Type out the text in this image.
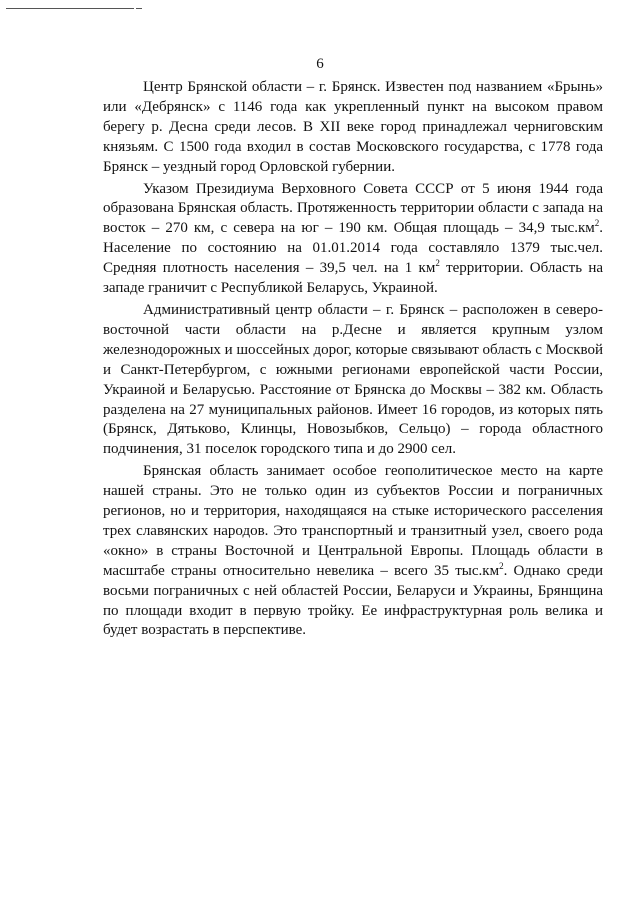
6

Центр Брянской области – г. Брянск. Известен под названием «Брынь» или «Дебрянск» с 1146 года как укрепленный пункт на высоком правом берегу р. Десна среди лесов. В XII веке город принадлежал черниговским князьям. С 1500 года входил в состав Московского государства, с 1778 года Брянск – уездный город Орловской губернии.

Указом Президиума Верховного Совета СССР от 5 июня 1944 года образована Брянская область. Протяженность территории области с запада на восток – 270 км, с севера на юг – 190 км. Общая площадь – 34,9 $тыс.км^2$. Население по состоянию на 01.01.2014 года составляло 1379 тыс.чел. Средняя плотность населения – 39,5 чел. на 1 $км^2$ территории. Область на западе граничит с Республикой Беларусь, Украиной.

Административный центр области – г. Брянск – расположен в северо-восточной части области на р.Десне и является крупным узлом железнодорожных и шоссейных дорог, которые связывают область с Москвой и Санкт-Петербургом, с южными регионами европейской части России, Украиной и Беларусью. Расстояние от Брянска до Москвы – 382 км. Область разделена на 27 муниципальных районов. Имеет 16 городов, из которых пять (Брянск, Дятьково, Клинцы, Новозыбков, Сельцо) – города областного подчинения, 31 поселок городского типа и до 2900 сел.

Брянская область занимает особое геополитическое место на карте нашей страны. Это не только один из субъектов России и пограничных регионов, но и территория, находящаяся на стыке исторического расселения трех славянских народов. Это транспортный и транзитный узел, своего рода «окно» в страны Восточной и Центральной Европы. Площадь области в масштабе страны относительно невелика – всего 35 $тыс.км^2$. Однако среди восьми пограничных с ней областей России, Беларуси и Украины, Брянщина по площади входит в первую тройку. Ее инфраструктурная роль велика и будет возрастать в перспективе.
